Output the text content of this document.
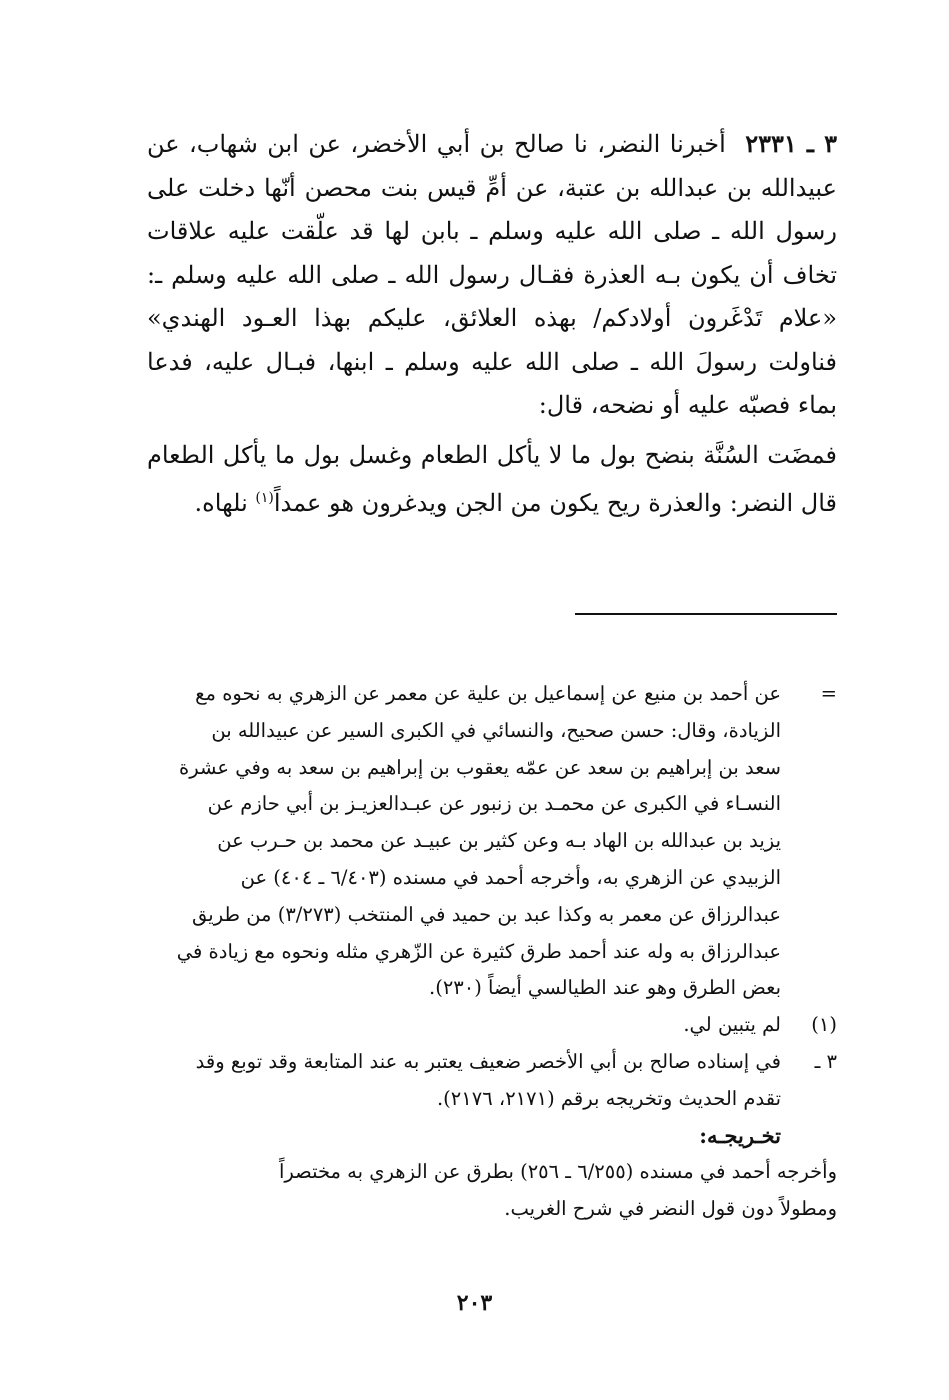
٣ ـ ٢٣٣١ أخبرنا النضر، نا صالح بن أبي الأخضر، عن ابن شهاب، عن عبيدالله بن عبدالله بن عتبة، عن أمِّ قيس بنت محصن أنّها دخلت على رسول الله ـ صلى الله عليه وسلم ـ بابن لها قد علّقت عليه علاقات تخاف أن يكون بـه العذرة فقـال رسول الله ـ صلى الله عليه وسلم ـ: «علام تَدْغَرون أولادكم/ بهذه العلائق، عليكم بهذا العـود الهندي» فناولت رسولَ الله ـ صلى الله عليه وسلم ـ ابنها، فبـال عليه، فدعا بماء فصبّه عليه أو نضحه، قال:

فمضَت السُنَّة بنضح بول ما لا يأكل الطعام وغسل بول ما يأكل الطعام قال النضر: والعذرة ريح يكون من الجن ويدغرون هو عمداً$^{(١)}$ نلهاه.

=
عن أحمد بن منيع عن إسماعيل بن علية عن معمر عن الزهري به نحوه مع
الزيادة، وقال: حسن صحيح، والنسائي في الكبرى السير عن عبيدالله بن
سعد بن إبراهيم بن سعد عن عمّه يعقوب بن إبراهيم بن سعد به وفي عشرة
النسـاء في الكبرى عن محمـد بن زنبور عن عبـدالعزيـز بن أبي حازم عن
يزيد بن عبدالله بن الهاد بـه وعن كثير بن عبيـد عن محمد بن حـرب عن
الزبيدي عن الزهري به، وأخرجه أحمد في مسنده (٦/٤٠٣ ـ ٤٠٤) عن
عبدالرزاق عن معمر به وكذا عبد بن حميد في المنتخب (٣/٢٧٣) من طريق
عبدالرزاق به وله عند أحمد طرق كثيرة عن الزّهري مثله ونحوه مع زيادة في
بعض الطرق وهو عند الطيالسي أيضاً (٢٣٠).
(١)
لم يتبين لي.
٣ ـ
في إسناده صالح بن أبي الأخصر ضعيف يعتبر به عند المتابعة وقد توبع وقد
تقدم الحديث وتخريجه برقم (٢١٧١، ٢١٧٦).
تخـريجـه:
وأخرجه أحمد في مسنده (٦/٢٥٥ ـ ٢٥٦) بطرق عن الزهري به مختصراً
ومطولاً دون قول النضر في شرح الغريب.
٢٠٣
